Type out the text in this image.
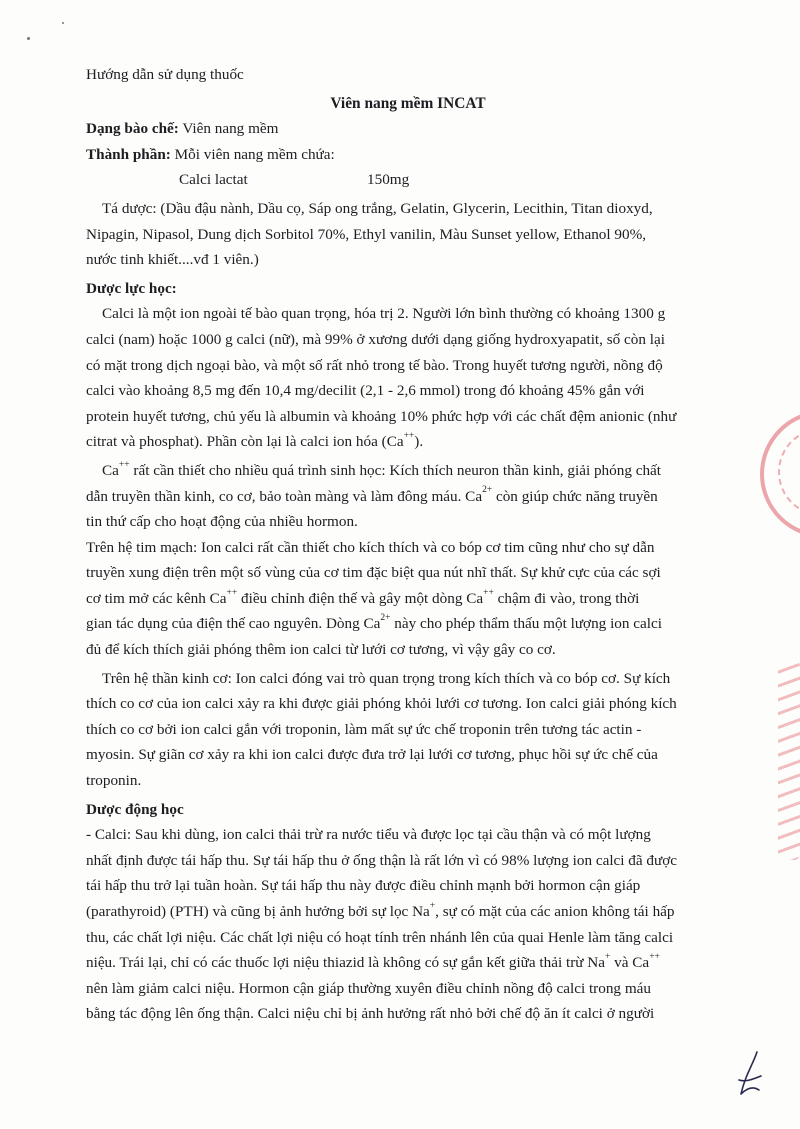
Hướng dẫn sử dụng thuốc

Viên nang mềm INCAT

Dạng bào chế: Viên nang mềm

Thành phần: Mỗi viên nang mềm chứa:

Calci lactat	150mg

Tá dược: (Dầu đậu nành, Dầu cọ, Sáp ong trắng, Gelatin, Glycerin, Lecithin, Titan dioxyd,

Nipagin, Nipasol, Dung dịch Sorbitol 70%, Ethyl vanilin, Màu Sunset yellow, Ethanol 90%,

nước tinh khiết....vđ 1 viên.)

Dược lực học:

Calci là một ion ngoài tế bào quan trọng, hóa trị 2. Người lớn bình thường có khoảng 1300 g

calci (nam) hoặc 1000 g calci (nữ), mà 99% ở xương dưới dạng giống hydroxyapatit, số còn lại

có mặt trong dịch ngoại bào, và một số rất nhỏ trong tế bào. Trong huyết tương người, nồng độ

calci vào khoảng 8,5 mg đến 10,4 mg/decilit (2,1 - 2,6 mmol) trong đó khoảng 45% gắn với

protein huyết tương, chủ yếu là albumin và khoảng 10% phức hợp với các chất đệm anionic (như

citrat và phosphat). Phần còn lại là calci ion hóa (Ca++).

Ca++ rất cần thiết cho nhiều quá trình sinh học: Kích thích neuron thần kinh, giải phóng chất

dẫn truyền thần kinh, co cơ, bảo toàn màng và làm đông máu. $Ca^{2+}$ còn giúp chức năng truyền

tin thứ cấp cho hoạt động của nhiều hormon.

Trên hệ tim mạch: Ion calci rất cần thiết cho kích thích và co bóp cơ tim cũng như cho sự dẫn

truyền xung điện trên một số vùng của cơ tim đặc biệt qua nút nhĩ thất. Sự khử cực của các sợi

cơ tim mở các kênh Ca++ điều chỉnh điện thế và gây một dòng Ca++ chậm đi vào, trong thời

gian tác dụng của điện thế cao nguyên. Dòng $Ca^{2+}$ này cho phép thẩm thấu một lượng ion calci

đủ để kích thích giải phóng thêm ion calci từ lưới cơ tương, vì vậy gây co cơ.

Trên hệ thần kinh cơ: Ion calci đóng vai trò quan trọng trong kích thích và co bóp cơ. Sự kích

thích co cơ của ion calci xảy ra khi được giải phóng khỏi lưới cơ tương. Ion calci giải phóng kích

thích co cơ bởi ion calci gắn với troponin, làm mất sự ức chế troponin trên tương tác actin -

myosin. Sự giãn cơ xảy ra khi ion calci được đưa trở lại lưới cơ tương, phục hồi sự ức chế của

troponin.

Dược động học

- Calci: Sau khi dùng, ion calci thải trừ ra nước tiểu và được lọc tại cầu thận và có một lượng

nhất định được tái hấp thu. Sự tái hấp thu ở ống thận là rất lớn vì có 98% lượng ion calci đã được

tái hấp thu trở lại tuần hoàn. Sự tái hấp thu này được điều chỉnh mạnh bởi hormon cận giáp

(parathyroid) (PTH) và cũng bị ảnh hưởng bởi sự lọc Na+, sự có mặt của các anion không tái hấp

thu, các chất lợi niệu. Các chất lợi niệu có hoạt tính trên nhánh lên của quai Henle làm tăng calci

niệu. Trái lại, chỉ có các thuốc lợi niệu thiazid là không có sự gắn kết giữa thải trừ Na+ và Ca++

nên làm giảm calci niệu. Hormon cận giáp thường xuyên điều chỉnh nồng độ calci trong máu

bằng tác động lên ống thận. Calci niệu chỉ bị ảnh hưởng rất nhỏ bởi chế độ ăn ít calci ở người
